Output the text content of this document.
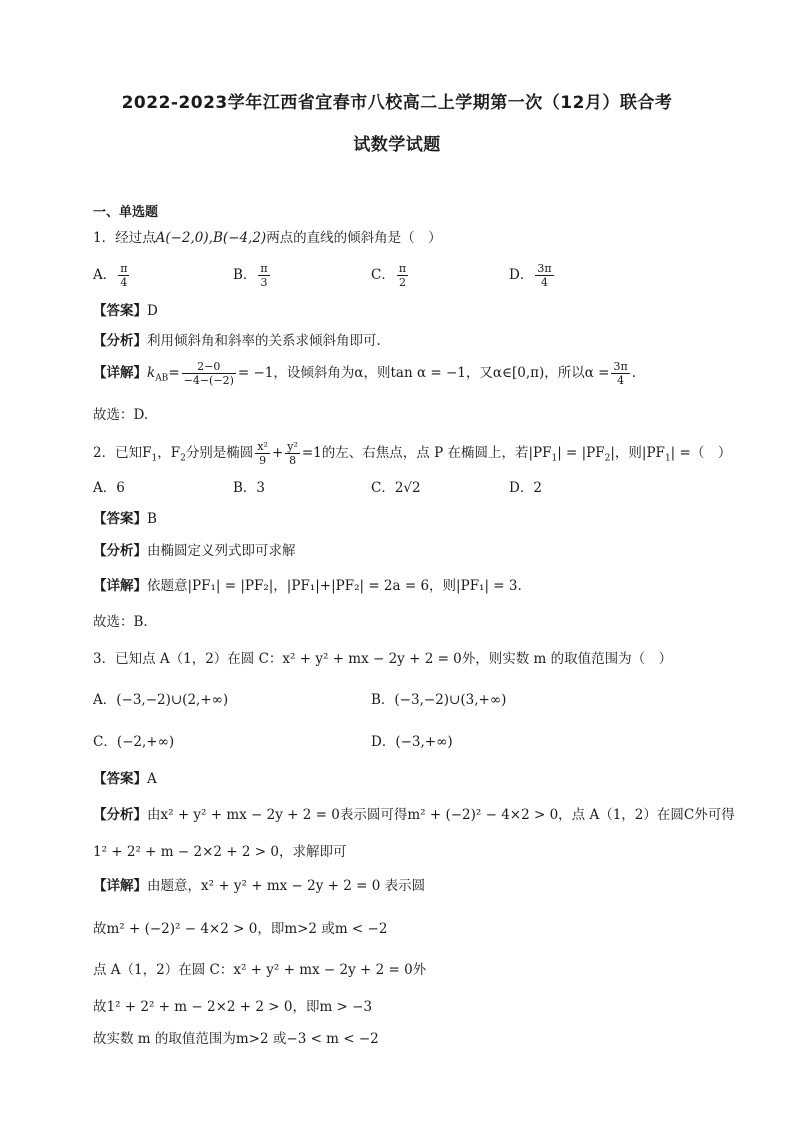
2022-2023学年江西省宜春市八校高二上学期第一次（12月）联合考
试数学试题
一、单选题
1．经过点A(−2,0),B(−4,2)两点的直线的倾斜角是（　）
A． $\frac{\pi}{4}$	B． $\frac{\pi}{3}$	C． $\frac{\pi}{2}$	D． $\frac{3\pi}{4}$
【答案】D
【分析】利用倾斜角和斜率的关系求倾斜角即可.
【详解】$k_{AB}= \frac{2-0}{-4-(-2)} = -1$，设倾斜角为α，则tan α = −1，又α∈[0,π)，所以$\alpha = \frac{3\pi}{4}$ .
故选：D.
2．已知$F_1$，$F_2$分别是椭圆 $\frac{\text{x²}}{9} + \frac{\text{y²}}{8} =1$的左、右焦点，点 P 在椭圆上，若$|PF_1| = |PF_2|$，则$|PF_1|$ =（　）
A．6	B．3	C．2√2	D．2
【答案】B
【分析】由椭圆定义列式即可求解
【详解】依题意|PF₁| = |PF₂|，|PF₁|+|PF₂| = 2a = 6，则|PF₁| = 3.
故选：B.
3．已知点 A（1，2）在圆 C：x² + y² + mx − 2y + 2 = 0外，则实数 m 的取值范围为（　）
A．(−3,−2)∪(2,+∞)	B．(−3,−2)∪(3,+∞)
C．(−2,+∞)	D．(−3,+∞)
【答案】A
【分析】由x² + y² + mx − 2y + 2 = 0表示圆可得m² + (−2)² − 4×2 > 0，点 A（1，2）在圆C外可得
1² + 2² + m − 2×2 + 2 > 0，求解即可
【详解】由题意，x² + y² + mx − 2y + 2 = 0 表示圆
故m² + (−2)² − 4×2 > 0，即m>2 或m < −2
点 A（1，2）在圆 C：x² + y² + mx − 2y + 2 = 0外
故1² + 2² + m − 2×2 + 2 > 0，即m > −3
故实数 m 的取值范围为m>2 或−3 < m < −2
